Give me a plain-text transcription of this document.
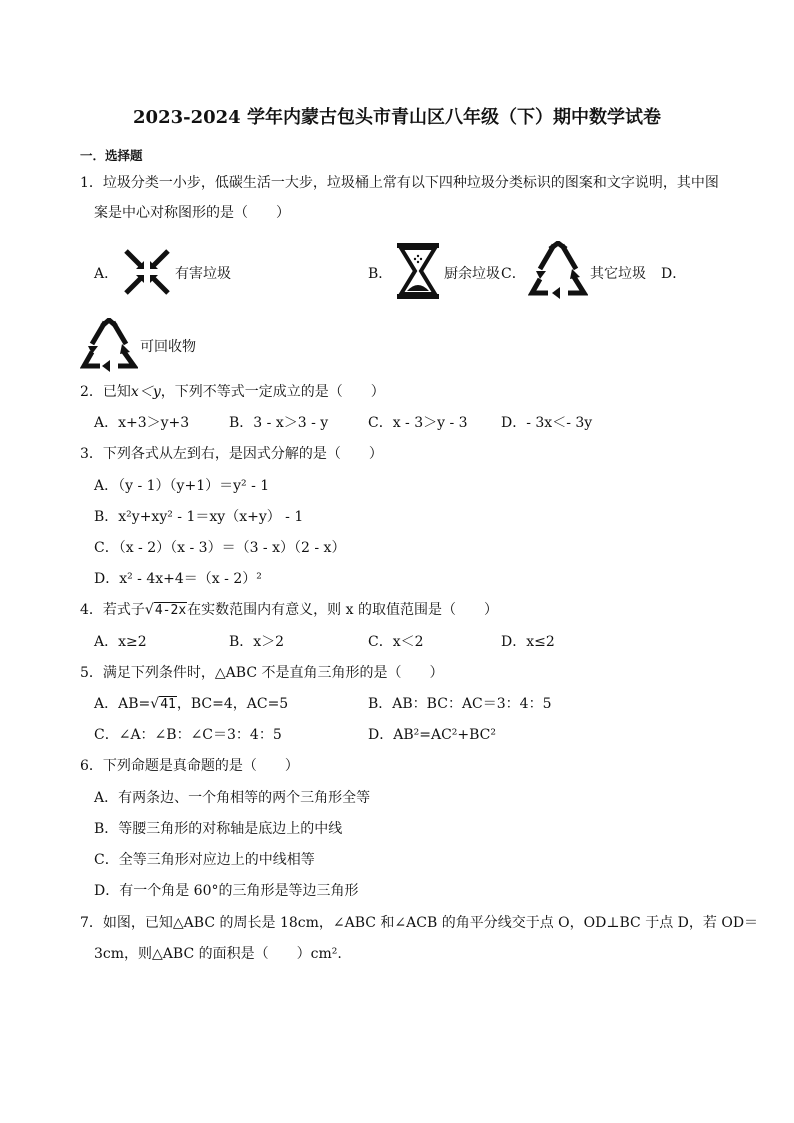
2023-2024 学年内蒙古包头市青山区八年级（下）期中数学试卷
一．选择题
1．垃圾分类一小步，低碳生活一大步，垃圾桶上常有以下四种垃圾分类标识的图案和文字说明，其中图
案是中心对称图形的是（　　）
A．	有害垃圾	B．	厨余垃圾 C．	其它垃圾 D．
可回收物
2．已知x＜y，下列不等式一定成立的是（　　）
A．x+3＞y+3	B．3 - x＞3 - y	C．x - 3＞y - 3 D．- 3x＜- 3y
3．下列各式从左到右，是因式分解的是（　　）
A．（y - 1）（y+1）＝y² - 1
B．x²y+xy² - 1＝xy（x+y） - 1
C．（x - 2）（x - 3）＝（3 - x）（2 - x）
D．x² - 4x+4＝（x - 2）²
4．若式子√4-2x在实数范围内有意义，则 x 的取值范围是（　　）
A．x≥2	B．x＞2	C．x＜2	D．x≤2
5．满足下列条件时，△ABC 不是直角三角形的是（　　）
A．AB=√41，BC=4，AC=5	B．AB：BC：AC＝3：4：5
C．∠A：∠B：∠C＝3：4：5	D．AB²=AC²+BC²
6．下列命题是真命题的是（　　）
A．有两条边、一个角相等的两个三角形全等
B．等腰三角形的对称轴是底边上的中线
C．全等三角形对应边上的中线相等
D．有一个角是 60°的三角形是等边三角形
7．如图，已知△ABC 的周长是 18cm，∠ABC 和∠ACB 的角平分线交于点 O，OD⊥BC 于点 D，若 OD＝
3cm，则△ABC 的面积是（　　）cm².
